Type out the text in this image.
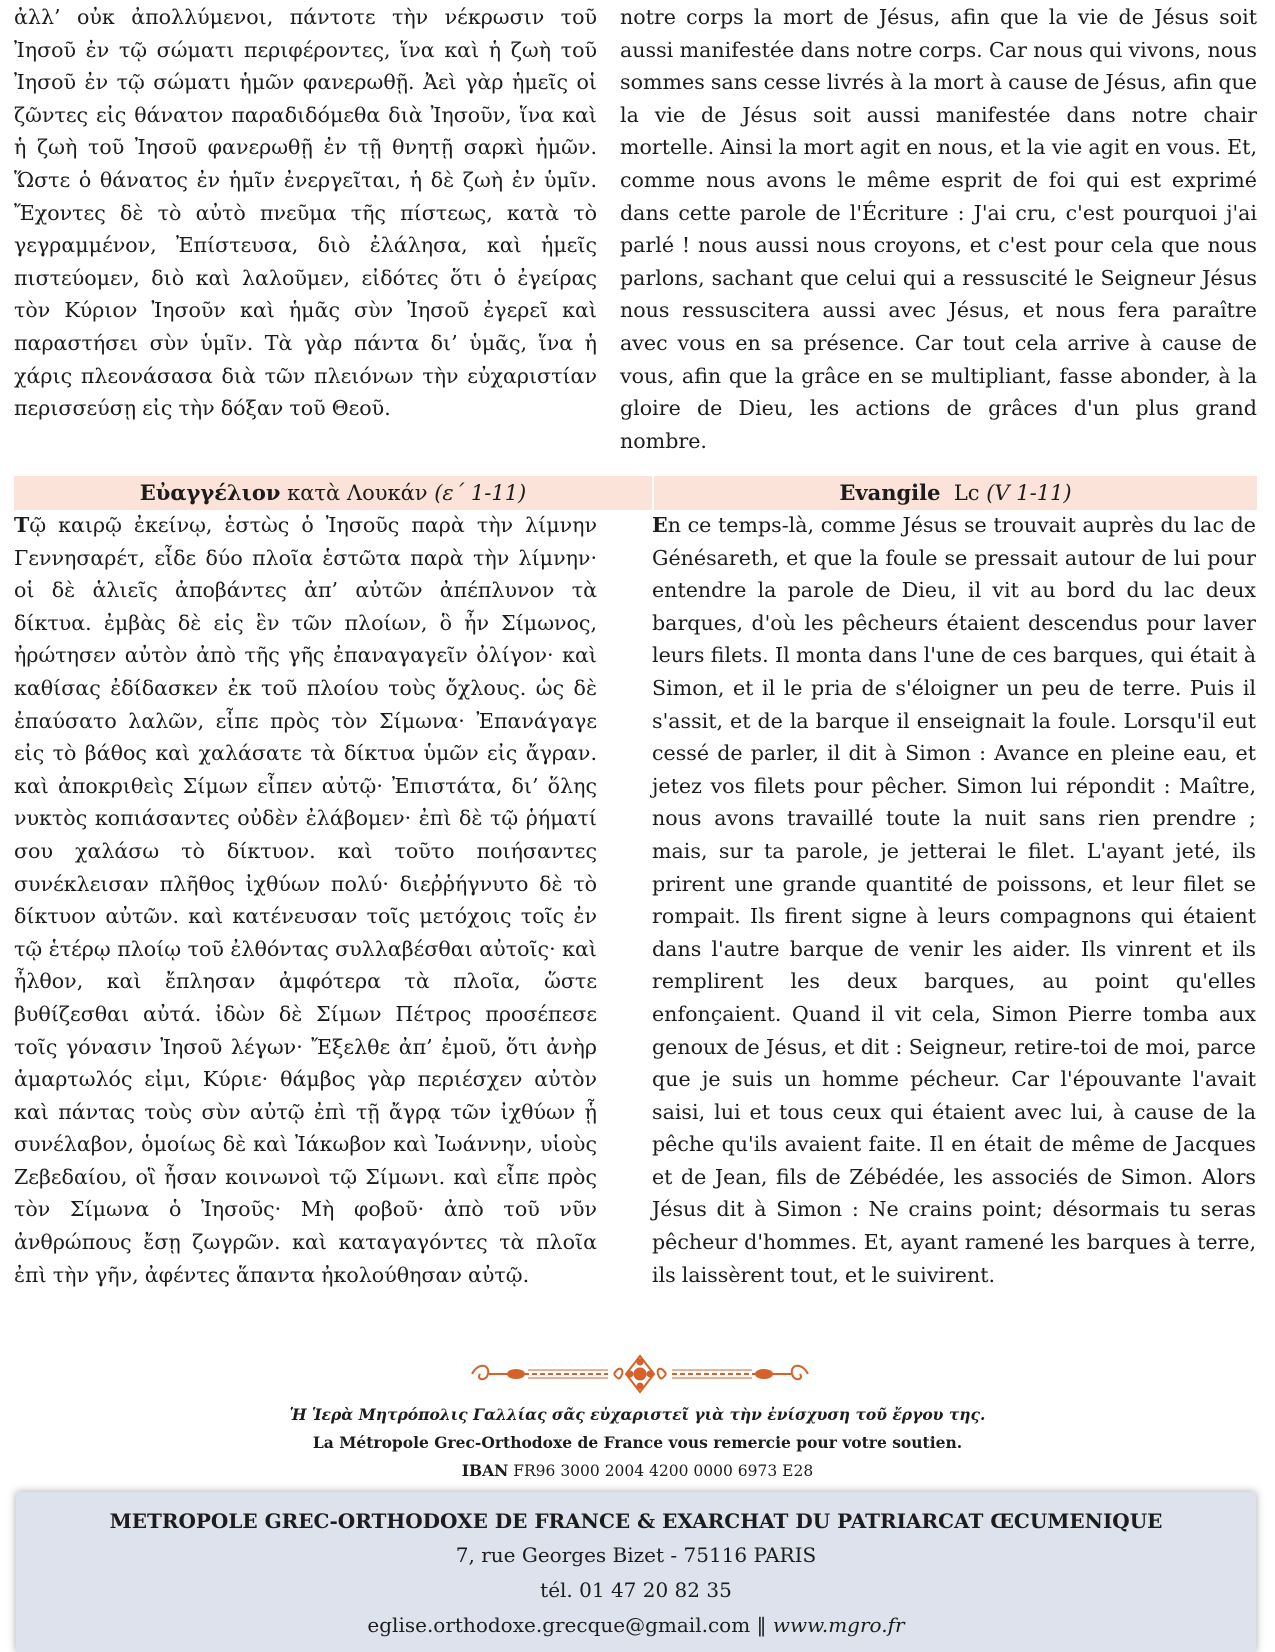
ἀλλ’ οὐκ ἀπολλύμενοι, πάντοτε τὴν νέκρωσιν τοῦ Ἰησοῦ ἐν τῷ σώματι περιφέροντες, ἵνα καὶ ἡ ζωὴ τοῦ Ἰησοῦ ἐν τῷ σώματι ἡμῶν φανερωθῇ. Ἀεὶ γὰρ ἡμεῖς οἱ ζῶντες εἰς θάνατον παραδιδόμεθα διὰ Ἰησοῦν, ἵνα καὶ ἡ ζωὴ τοῦ Ἰησοῦ φανερωθῇ ἐν τῇ θνητῇ σαρκὶ ἡμῶν. Ὥστε ὁ θάνατος ἐν ἡμῖν ἐνεργεῖται, ἡ δὲ ζωὴ ἐν ὑμῖν. Ἔχοντες δὲ τὸ αὐτὸ πνεῦμα τῆς πίστεως, κατὰ τὸ γεγραμμένον, Ἐπίστευσα, διὸ ἐλάλησα, καὶ ἡμεῖς πιστεύομεν, διὸ καὶ λαλοῦμεν, εἰδότες ὅτι ὁ ἐγείρας τὸν Κύριον Ἰησοῦν καὶ ἡμᾶς σὺν Ἰησοῦ ἐγερεῖ καὶ παραστήσει σὺν ὑμῖν. Τὰ γὰρ πάντα δι’ ὑμᾶς, ἵνα ἡ χάρις πλεονάσασα διὰ τῶν πλειόνων τὴν εὐχαριστίαν περισσεύσῃ εἰς τὴν δόξαν τοῦ Θεοῦ.

notre corps la mort de Jésus, afin que la vie de Jésus soit aussi manifestée dans notre corps. Car nous qui vivons, nous sommes sans cesse livrés à la mort à cause de Jésus, afin que la vie de Jésus soit aussi manifestée dans notre chair mortelle. Ainsi la mort agit en nous, et la vie agit en vous. Et, comme nous avons le même esprit de foi qui est exprimé dans cette parole de l'Écriture : J'ai cru, c'est pourquoi j'ai parlé ! nous aussi nous croyons, et c'est pour cela que nous parlons, sachant que celui qui a ressuscité le Seigneur Jésus nous ressuscitera aussi avec Jésus, et nous fera paraître avec vous en sa présence. Car tout cela arrive à cause de vous, afin que la grâce en se multipliant, fasse abonder, à la gloire de Dieu, les actions de grâces d'un plus grand nombre.

Εὐαγγέλιον κατὰ Λουκάν (ε΄ 1-11)	Evangile  Lc (V 1-11)

Τῷ καιρῷ ἐκείνῳ, ἑστὼς ὁ Ἰησοῦς παρὰ τὴν λίμνην Γεννησαρέτ, εἶδε δύο πλοῖα ἑστῶτα παρὰ τὴν λίμνην· οἱ δὲ ἁλιεῖς ἀποβάντες ἀπ’ αὐτῶν ἀπέπλυνον τὰ δίκτυα. ἐμβὰς δὲ εἰς ἓν τῶν πλοίων, ὃ ἦν Σίμωνος, ἠρώτησεν αὐτὸν ἀπὸ τῆς γῆς ἐπαναγαγεῖν ὀλίγον· καὶ καθίσας ἐδίδασκεν ἐκ τοῦ πλοίου τοὺς ὄχλους. ὡς δὲ ἐπαύσατο λαλῶν, εἶπε πρὸς τὸν Σίμωνα· Ἐπανάγαγε εἰς τὸ βάθος καὶ χαλάσατε τὰ δίκτυα ὑμῶν εἰς ἄγραν. καὶ ἀποκριθεὶς Σίμων εἶπεν αὐτῷ· Ἐπιστάτα, δι’ ὅλης νυκτὸς κοπιάσαντες οὐδὲν ἐλάβομεν· ἐπὶ δὲ τῷ ῥήματί σου χαλάσω τὸ δίκτυον. καὶ τοῦτο ποιήσαντες συνέκλεισαν πλῆθος ἰχθύων πολύ· διεῤῥήγνυτο δὲ τὸ δίκτυον αὐτῶν. καὶ κατένευσαν τοῖς μετόχοις τοῖς ἐν τῷ ἑτέρῳ πλοίῳ τοῦ ἐλθόντας συλλαβέσθαι αὐτοῖς· καὶ ἦλθον, καὶ ἔπλησαν ἀμφότερα τὰ πλοῖα, ὥστε βυθίζεσθαι αὐτά. ἰδὼν δὲ Σίμων Πέτρος προσέπεσε τοῖς γόνασιν Ἰησοῦ λέγων· Ἔξελθε ἀπ’ ἐμοῦ, ὅτι ἀνὴρ ἁμαρτωλός εἰμι, Κύριε· θάμβος γὰρ περιέσχεν αὐτὸν καὶ πάντας τοὺς σὺν αὐτῷ ἐπὶ τῇ ἄγρᾳ τῶν ἰχθύων ᾗ συνέλαβον, ὁμοίως δὲ καὶ Ἰάκωβον καὶ Ἰωάννην, υἱοὺς Ζεβεδαίου, οἳ ἦσαν κοινωνοὶ τῷ Σίμωνι. καὶ εἶπε πρὸς τὸν Σίμωνα ὁ Ἰησοῦς· Μὴ φοβοῦ· ἀπὸ τοῦ νῦν ἀνθρώπους ἔσῃ ζωγρῶν. καὶ καταγαγόντες τὰ πλοῖα ἐπὶ τὴν γῆν, ἀφέντες ἅπαντα ἠκολούθησαν αὐτῷ.

En ce temps-là, comme Jésus se trouvait auprès du lac de Génésareth, et que la foule se pressait autour de lui pour entendre la parole de Dieu, il vit au bord du lac deux barques, d'où les pêcheurs étaient descendus pour laver leurs filets. Il monta dans l'une de ces barques, qui était à Simon, et il le pria de s'éloigner un peu de terre. Puis il s'assit, et de la barque il enseignait la foule. Lorsqu'il eut cessé de parler, il dit à Simon : Avance en pleine eau, et jetez vos filets pour pêcher. Simon lui répondit : Maître, nous avons travaillé toute la nuit sans rien prendre ; mais, sur ta parole, je jetterai le filet. L'ayant jeté, ils prirent une grande quantité de poissons, et leur filet se rompait. Ils firent signe à leurs compagnons qui étaient dans l'autre barque de venir les aider. Ils vinrent et ils remplirent les deux barques, au point qu'elles enfonçaient. Quand il vit cela, Simon Pierre tomba aux genoux de Jésus, et dit : Seigneur, retire-toi de moi, parce que je suis un homme pécheur. Car l'épouvante l'avait saisi, lui et tous ceux qui étaient avec lui, à cause de la pêche qu'ils avaient faite. Il en était de même de Jacques et de Jean, fils de Zébédée, les associés de Simon. Alors Jésus dit à Simon : Ne crains point; désormais tu seras pêcheur d'hommes. Et, ayant ramené les barques à terre, ils laissèrent tout, et le suivirent.

Ἡ Ἱερὰ Μητρόπολις Γαλλίας σᾶς εὐχαριστεῖ γιὰ τὴν ἐνίσχυση τοῦ ἔργου της.
La Métropole Grec-Orthodoxe de France vous remercie pour votre soutien.
IBAN FR96 3000 2004 4200 0000 6973 E28
METROPOLE GREC-ORTHODOXE DE FRANCE & EXARCHAT DU PATRIARCAT ŒCUMENIQUE
7, rue Georges Bizet - 75116 PARIS
tél. 01 47 20 82 35
eglise.orthodoxe.grecque@gmail.com ‖ www.mgro.fr
